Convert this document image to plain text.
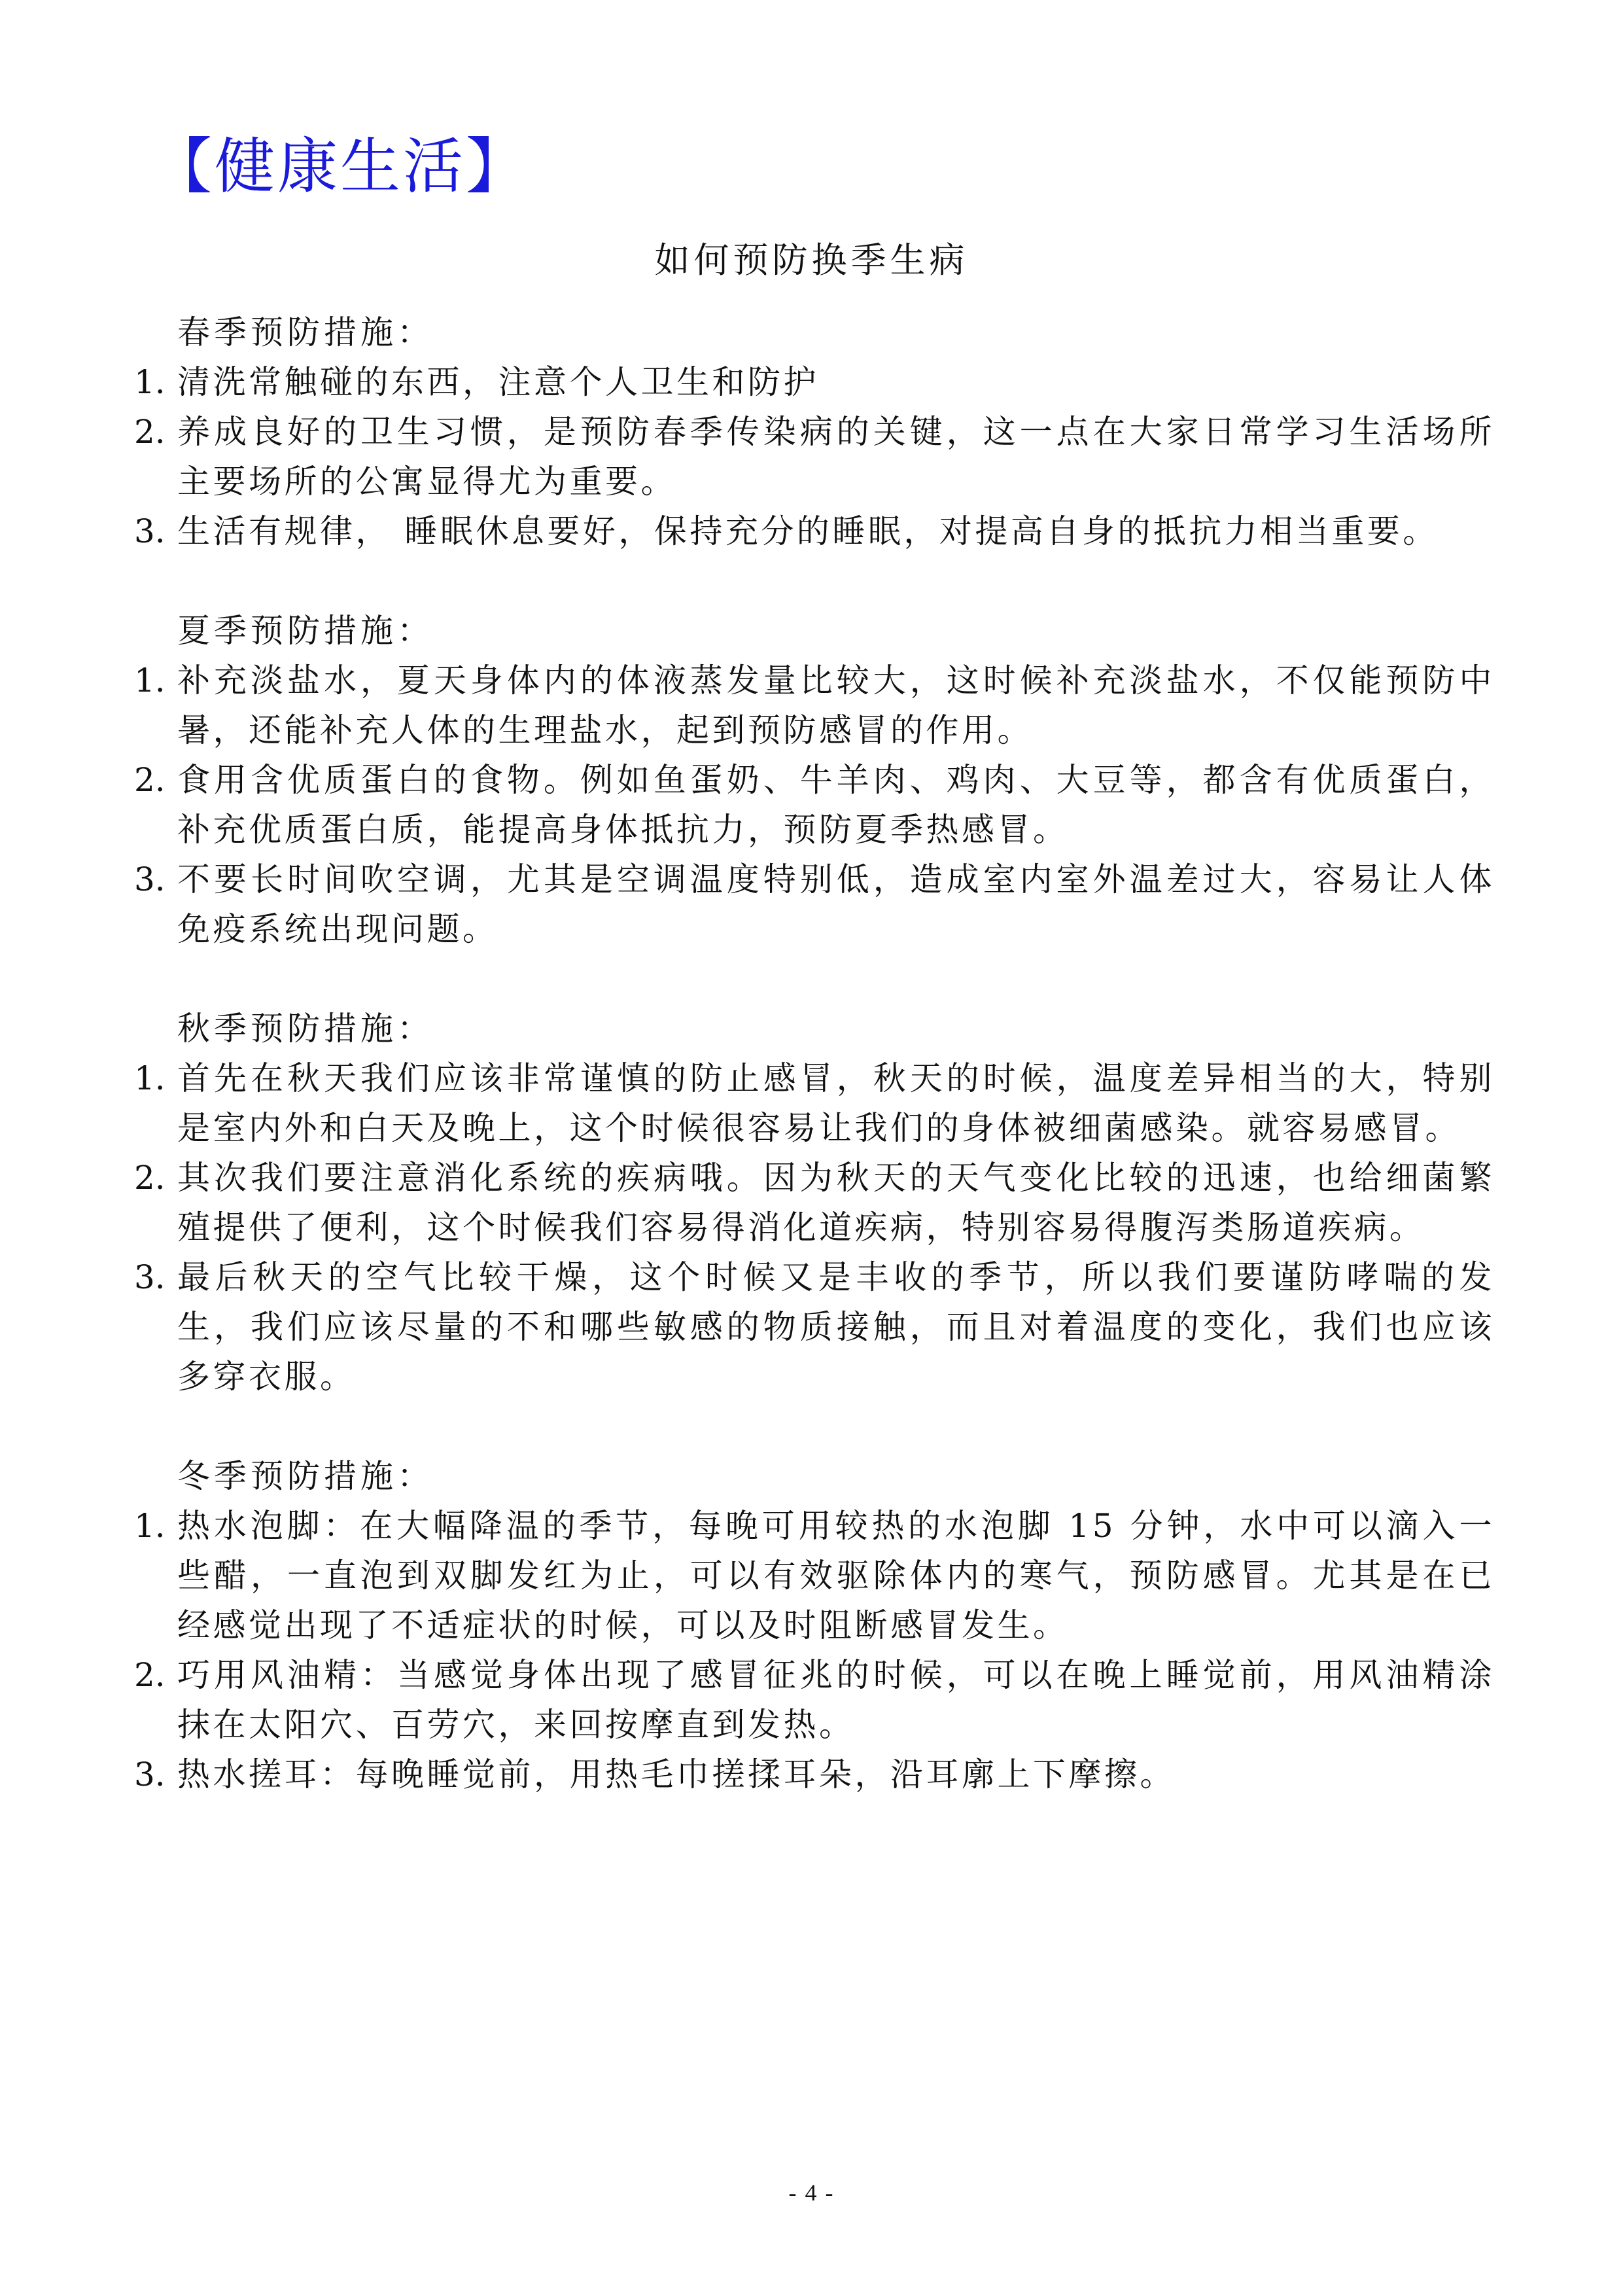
【健康生活】
如何预防换季生病
春季预防措施：
1. 清洗常触碰的东西，注意个人卫生和防护
2. 养成良好的卫生习惯，是预防春季传染病的关键，这一点在大家日常学习生活场所主要场所的公寓显得尤为重要。
3. 生活有规律， 睡眠休息要好，保持充分的睡眠，对提高自身的抵抗力相当重要。
夏季预防措施：
1. 补充淡盐水，夏天身体内的体液蒸发量比较大，这时候补充淡盐水，不仅能预防中暑，还能补充人体的生理盐水，起到预防感冒的作用。
2. 食用含优质蛋白的食物。例如鱼蛋奶、牛羊肉、鸡肉、大豆等，都含有优质蛋白，补充优质蛋白质，能提高身体抵抗力，预防夏季热感冒。
3. 不要长时间吹空调，尤其是空调温度特别低，造成室内室外温差过大，容易让人体免疫系统出现问题。
秋季预防措施：
1. 首先在秋天我们应该非常谨慎的防止感冒，秋天的时候，温度差异相当的大，特别是室内外和白天及晚上，这个时候很容易让我们的身体被细菌感染。就容易感冒。
2. 其次我们要注意消化系统的疾病哦。因为秋天的天气变化比较的迅速，也给细菌繁殖提供了便利，这个时候我们容易得消化道疾病，特别容易得腹泻类肠道疾病。
3. 最后秋天的空气比较干燥，这个时候又是丰收的季节，所以我们要谨防哮喘的发生，我们应该尽量的不和哪些敏感的物质接触，而且对着温度的变化，我们也应该多穿衣服。
冬季预防措施：
1. 热水泡脚：在大幅降温的季节，每晚可用较热的水泡脚 15 分钟，水中可以滴入一些醋，一直泡到双脚发红为止，可以有效驱除体内的寒气，预防感冒。尤其是在已经感觉出现了不适症状的时候，可以及时阻断感冒发生。
2. 巧用风油精：当感觉身体出现了感冒征兆的时候，可以在晚上睡觉前，用风油精涂抹在太阳穴、百劳穴，来回按摩直到发热。
3. 热水搓耳：每晚睡觉前，用热毛巾搓揉耳朵，沿耳廓上下摩擦。
- 4 -
